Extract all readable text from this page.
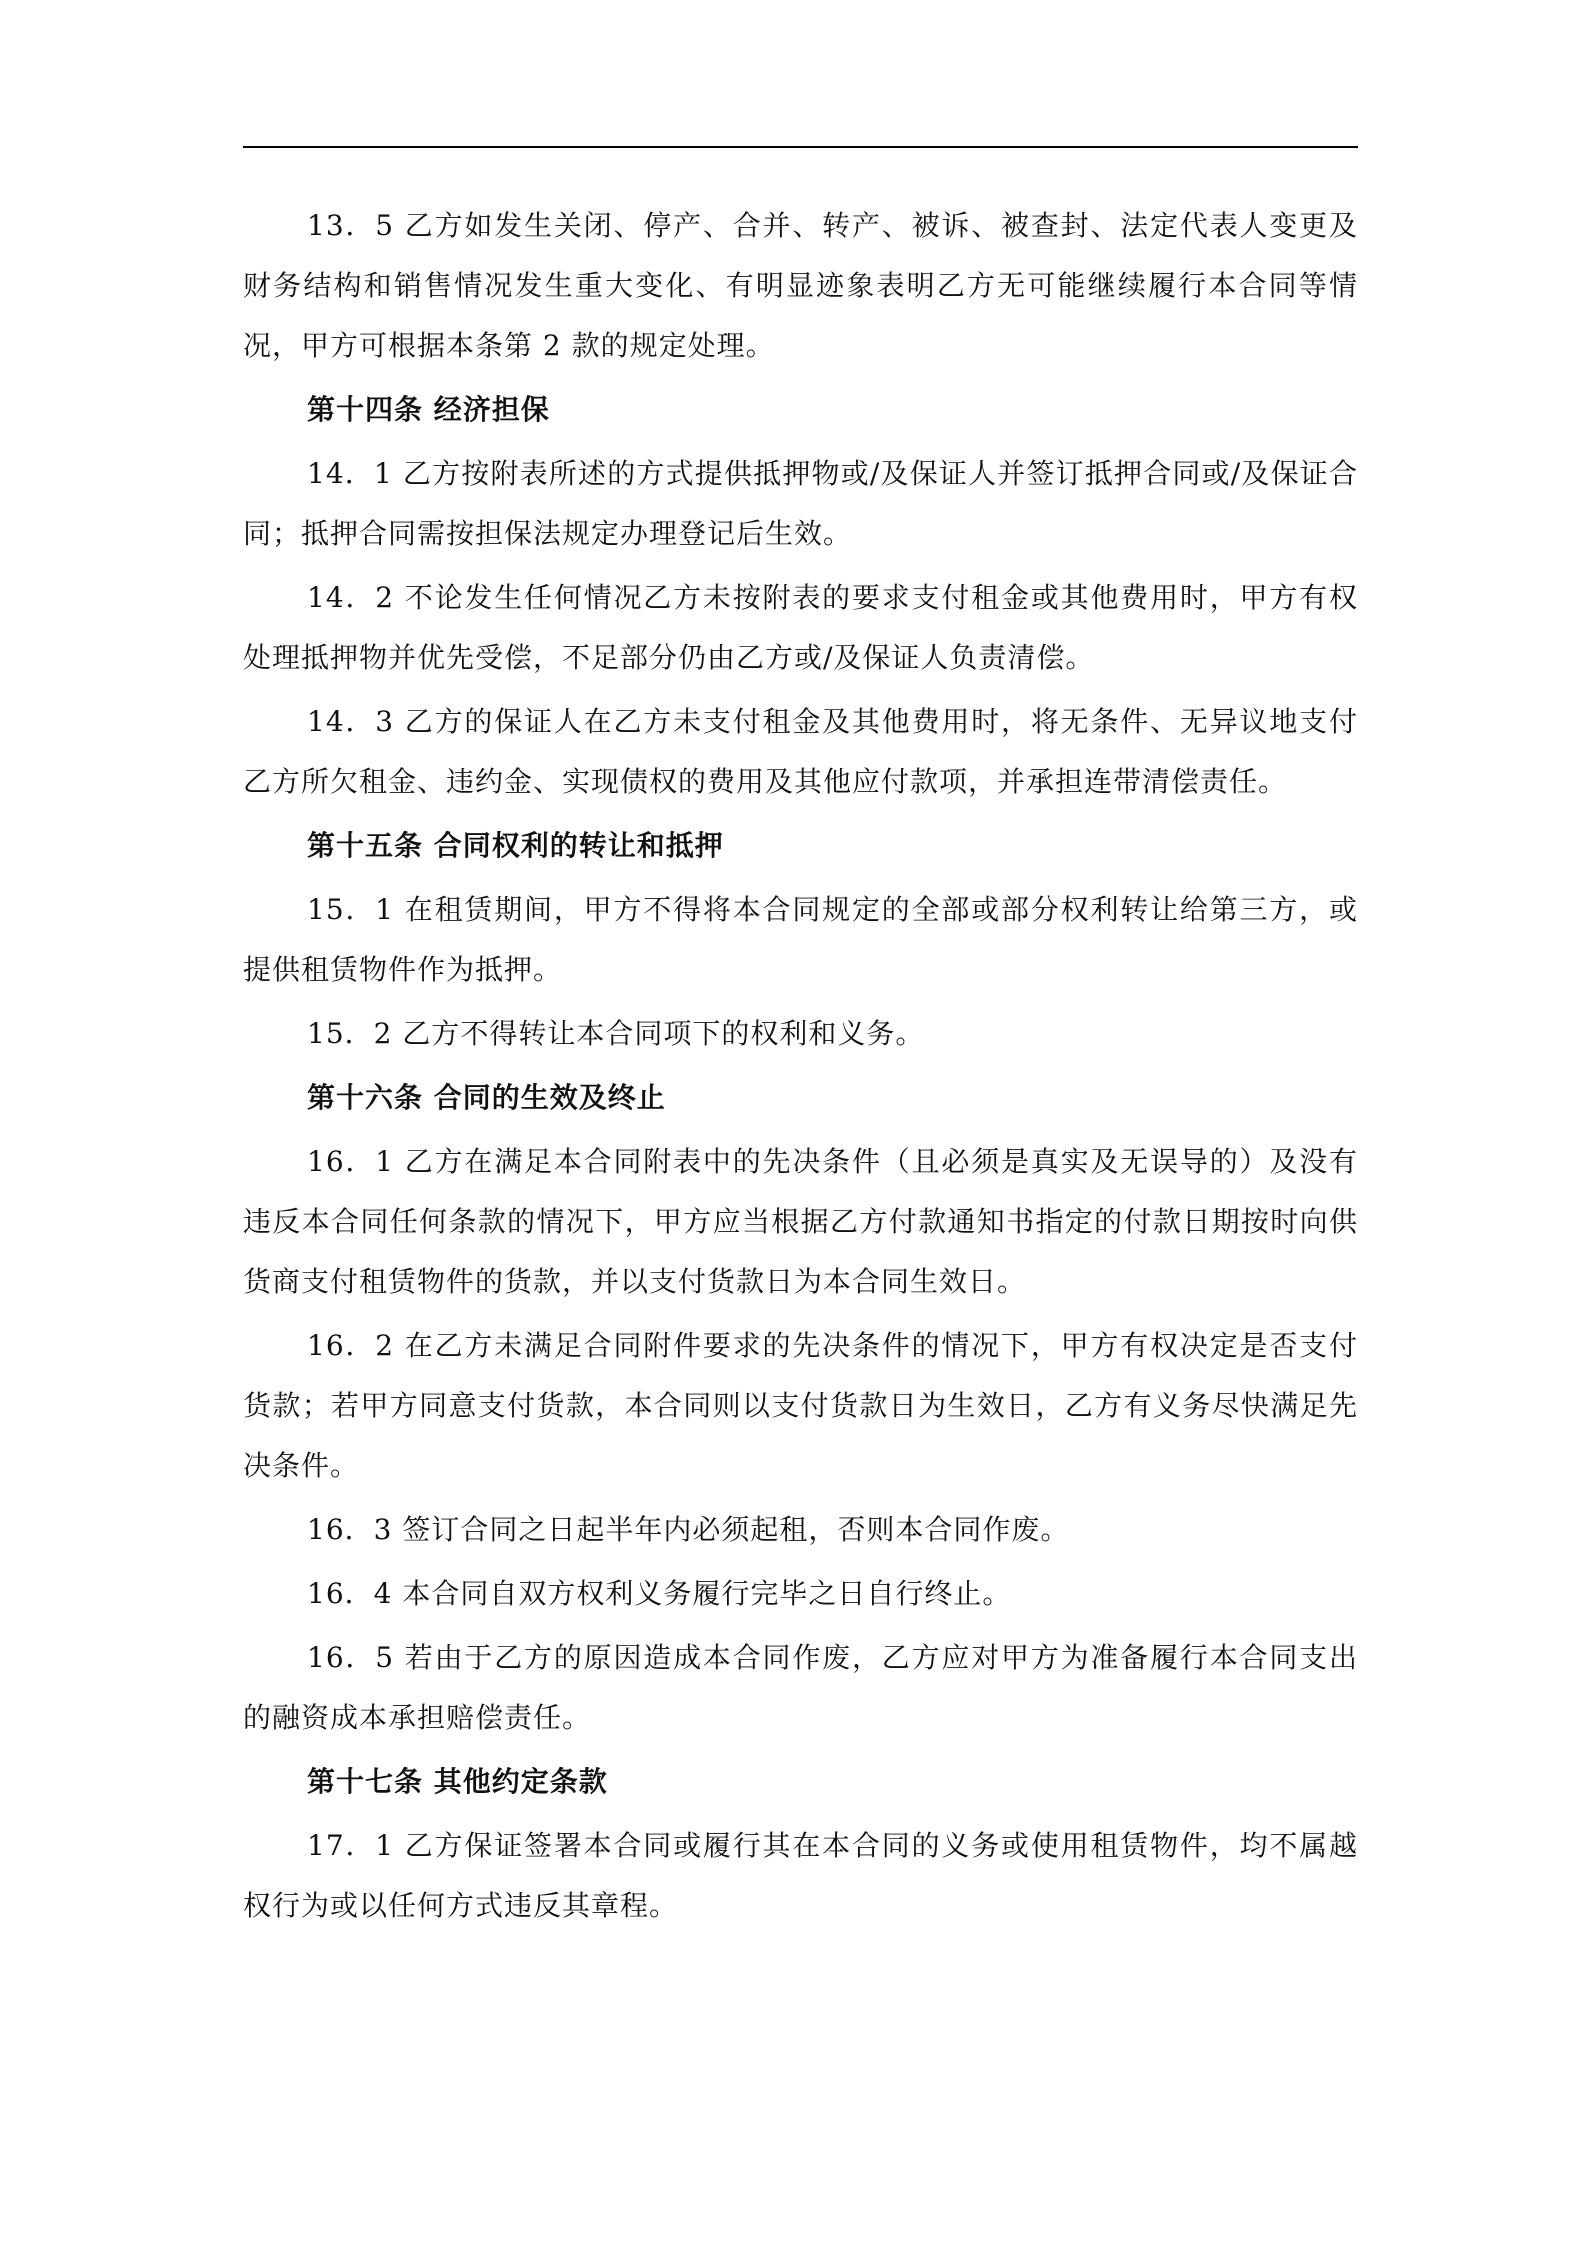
13．5 乙方如发生关闭、停产、合并、转产、被诉、被查封、法定代表人变更及财务结构和销售情况发生重大变化、有明显迹象表明乙方无可能继续履行本合同等情况，甲方可根据本条第 2 款的规定处理。

第十四条 经济担保

14．1 乙方按附表所述的方式提供抵押物或/及保证人并签订抵押合同或/及保证合同；抵押合同需按担保法规定办理登记后生效。

14．2 不论发生任何情况乙方未按附表的要求支付租金或其他费用时，甲方有权处理抵押物并优先受偿，不足部分仍由乙方或/及保证人负责清偿。

14．3 乙方的保证人在乙方未支付租金及其他费用时，将无条件、无异议地支付乙方所欠租金、违约金、实现债权的费用及其他应付款项，并承担连带清偿责任。

第十五条 合同权利的转让和抵押

15．1 在租赁期间，甲方不得将本合同规定的全部或部分权利转让给第三方，或提供租赁物件作为抵押。

15．2 乙方不得转让本合同项下的权利和义务。

第十六条 合同的生效及终止

16．1 乙方在满足本合同附表中的先决条件（且必须是真实及无误导的）及没有违反本合同任何条款的情况下，甲方应当根据乙方付款通知书指定的付款日期按时向供货商支付租赁物件的货款，并以支付货款日为本合同生效日。

16．2 在乙方未满足合同附件要求的先决条件的情况下，甲方有权决定是否支付货款；若甲方同意支付货款，本合同则以支付货款日为生效日，乙方有义务尽快满足先决条件。

16．3 签订合同之日起半年内必须起租，否则本合同作废。

16．4 本合同自双方权利义务履行完毕之日自行终止。

16．5 若由于乙方的原因造成本合同作废，乙方应对甲方为准备履行本合同支出的融资成本承担赔偿责任。

第十七条 其他约定条款

17．1 乙方保证签署本合同或履行其在本合同的义务或使用租赁物件，均不属越权行为或以任何方式违反其章程。
